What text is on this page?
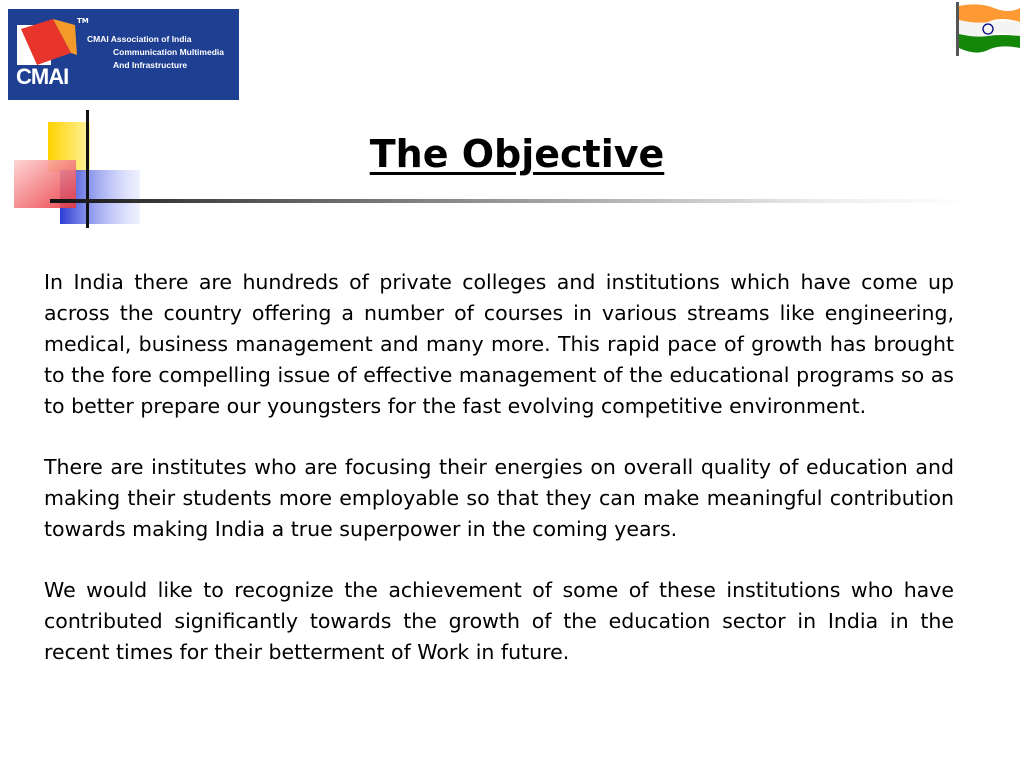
TM
CMAI Association of India
Communication Multimedia
And Infrastructure
CMAI
The Objective

In India there are hundreds of private colleges and institutions which have come up across the country offering a number of courses in various streams like engineering, medical, business management and many more. This rapid pace of growth has brought to the fore compelling issue of effective management of the educational programs so as to better prepare our youngsters for the fast evolving competitive environment.

There are institutes who are focusing their energies on overall quality of education and making their students more employable so that they can make meaningful contribution towards making India a true superpower in the coming years.

We would like to recognize the achievement of some of these institutions who have contributed significantly towards the growth of the education sector in India in the recent times for their betterment of Work in future.
